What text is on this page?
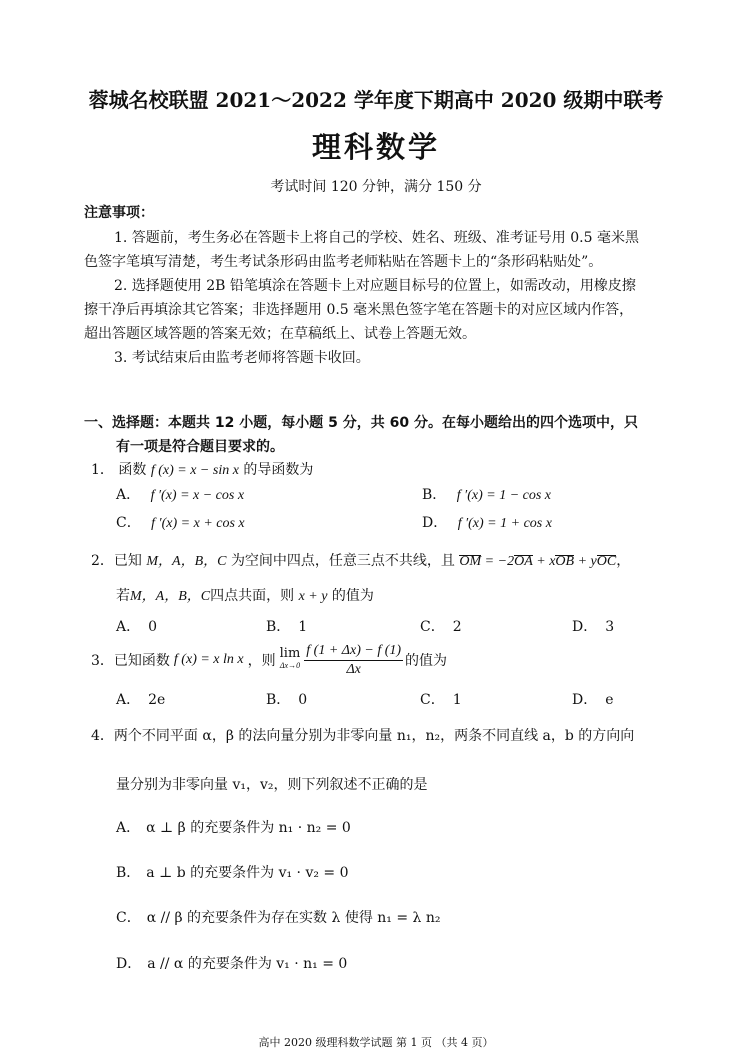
蓉城名校联盟 2021～2022 学年度下期高中 2020 级期中联考
理科数学
考试时间 120 分钟，满分 150 分
注意事项：
1. 答题前，考生务必在答题卡上将自己的学校、姓名、班级、准考证号用 0.5 毫米黑
色签字笔填写清楚，考生考试条形码由监考老师粘贴在答题卡上的“条形码粘贴处”。
2. 选择题使用 2B 铅笔填涂在答题卡上对应题目标号的位置上，如需改动，用橡皮擦
擦干净后再填涂其它答案；非选择题用 0.5 毫米黑色签字笔在答题卡的对应区域内作答，
超出答题区域答题的答案无效；在草稿纸上、试卷上答题无效。
3. 考试结束后由监考老师将答题卡收回。
一、选择题：本题共 12 小题，每小题 5 分，共 60 分。在每小题给出的四个选项中，只
有一项是符合题目要求的。
1． 函数 f (x) = x − sin x 的导函数为
A． f ′(x) = x − cos x	B． f ′(x) = 1 − cos x
C． f ′(x) = x + cos x	D． f ′(x) = 1 + cos x
2．已知 M，A，B，C 为空间中四点，任意三点不共线，且 OM = −2OA + xOB + yOC，
若M，A，B，C四点共面，则 x + y 的值为
A． 0	B． 1	C． 2	D． 3
3． 已知函数 f (x) = x ln x ，则 lim
$\Delta x\to 0 \frac{f (1 + \Delta x) - f (1)}{\Delta x}$ 的值为
A． 2e	B． 0	C． 1	D． e
4．两个不同平面 α，β 的法向量分别为非零向量 n₁，n₂，两条不同直线 a，b 的方向向
量分别为非零向量 v₁，v₂，则下列叙述不正确的是
A． α ⊥ β 的充要条件为 n₁ · n₂ = 0
B． a ⊥ b 的充要条件为 v₁ · v₂ = 0
C． α // β 的充要条件为存在实数 λ 使得 n₁ = λ n₂
D． a // α 的充要条件为 v₁ · n₁ = 0
高中 2020 级理科数学试题 第 1 页 （共 4 页）
